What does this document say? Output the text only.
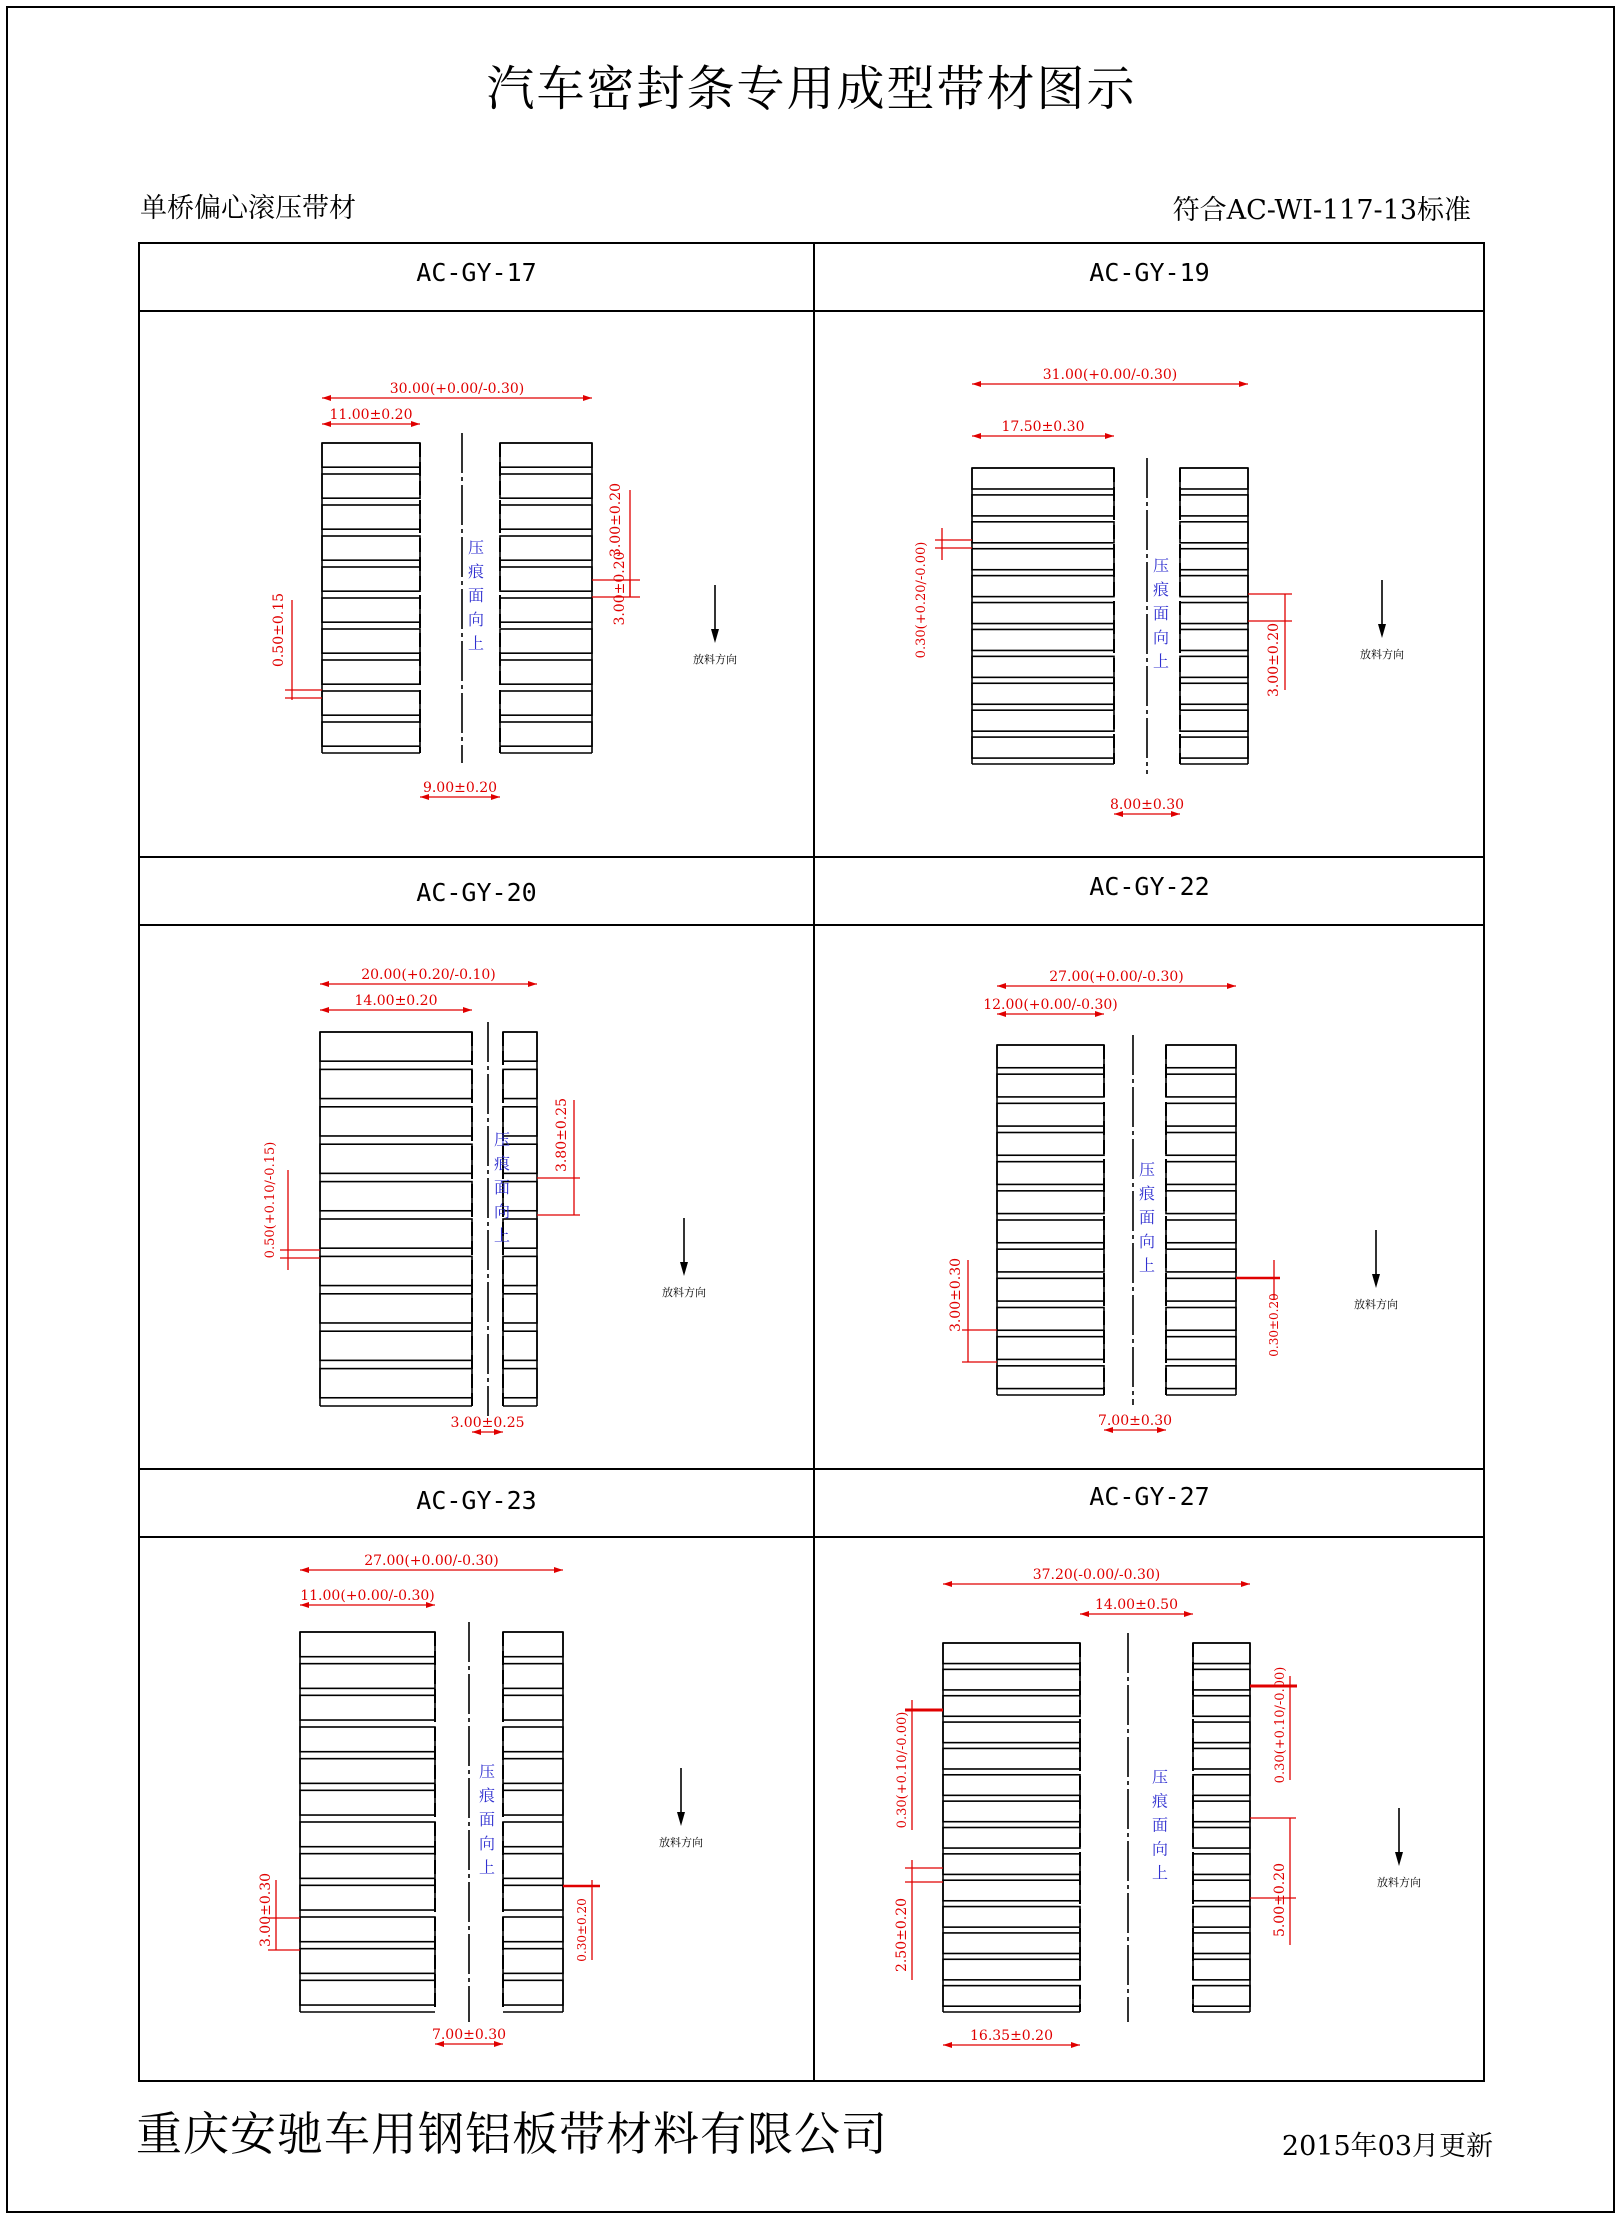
汽车密封条专用成型带材图示
单桥偏心滚压带材	符合AC-WI-117-13标准
AC-GY-17	AC-GY-19
AC-GY-20	AC-GY-22
AC-GY-23	AC-GY-27
压
痕
面
向
上
30.00(+0.00/-0.30)
11.00±0.20
9.00±0.20
3.00±0.20
3.00±0.20
0.50±0.15	放料方向
压
痕
面
向
上
31.00(+0.00/-0.30)
17.50±0.30
8.00±0.30
3.00±0.20
0.30(+0.20/-0.00)	放料方向
压
痕
面
向
上
20.00(+0.20/-0.10)
14.00±0.20
3.00±0.25
3.80±0.25
0.50(+0.10/-0.15)
放料方向
压
痕
面
向
上
27.00(+0.00/-0.30)
12.00(+0.00/-0.30)
7.00±0.30
3.00±0.30	0.30±0.20	放料方向
压
痕
面
向
上
27.00(+0.00/-0.30)
11.00(+0.00/-0.30)
7.00±0.30
3.00±0.30	0.30±0.20
放料方向
压
痕
面
向
上
37.20(-0.00/-0.30)
14.00±0.50
16.35±0.20
5.00±0.20
2.50±0.20
0.30(+0.10/-0.00)	0.30(+0.10/-0.00)
放料方向
重庆安驰车用钢铝板带材料有限公司	2015年03月更新
